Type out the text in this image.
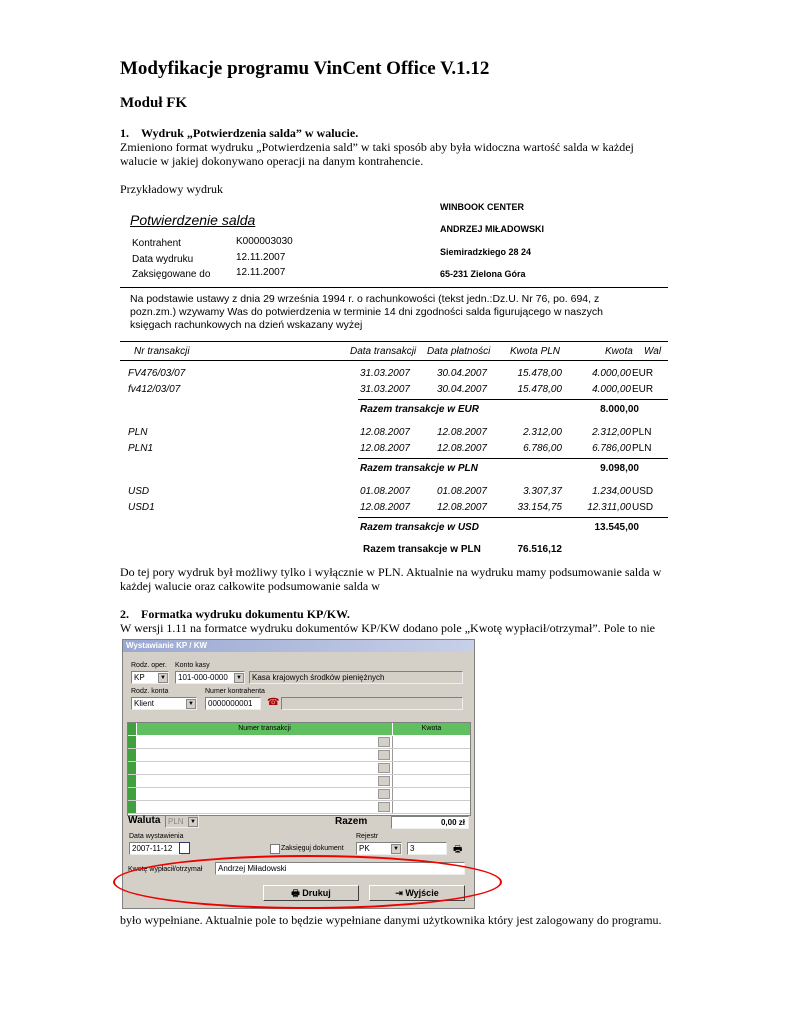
Modyfikacje programu VinCent Office V.1.12
Moduł FK
1.    Wydruk „Potwierdzenia salda” w walucie.
Zmieniono format wydruku „Potwierdzenia sald” w taki sposób aby była widoczna wartość salda w każdej
walucie w jakiej dokonywano operacji na danym kontrahencie.
Przykładowy wydruk
Potwierdzenie salda
WINBOOK CENTER
ANDRZEJ MIŁADOWSKI
Siemiradzkiego 28 24
65-231 Zielona Góra
Kontrahent	K000003030
Data wydruku	12.11.2007
Zaksięgowane do	12.11.2007
Na podstawie ustawy z dnia 29 września 1994 r. o rachunkowości (tekst jedn.:Dz.U. Nr 76, po. 694, z
pozn.zm.) wzywamy Was do potwierdzenia w terminie 14 dni zgodności salda figurującego w naszych
księgach rachunkowych na dzień wskazany wyżej
Nr transakcji	Data transakcji Data płatności Kwota PLN	Kwota Wal
FV476/03/07	31.03.2007	30.04.2007	15.478,00	4.000,00 EUR
fv412/03/07	31.03.2007	30.04.2007	15.478,00	4.000,00 EUR
Razem transakcje w EUR	8.000,00
PLN	12.08.2007	12.08.2007	2.312,00	2.312,00 PLN
PLN1	12.08.2007	12.08.2007	6.786,00	6.786,00 PLN
Razem transakcje w PLN	9.098,00
USD	01.08.2007	01.08.2007	3.307,37	1.234,00 USD
USD1	12.08.2007	12.08.2007	33.154,75	12.311,00 USD
Razem transakcje w USD	13.545,00
Razem transakcje w PLN	76.516,12
Do tej pory wydruk był możliwy tylko i wyłącznie w PLN. Aktualnie na wydruku mamy podsumowanie salda w
każdej walucie oraz całkowite podsumowanie salda w
2.    Formatka wydruku dokumentu KP/KW.
W wersji 1.11 na formatce wydruku dokumentów KP/KW dodano pole „Kwotę wypłacił/otrzymał”. Pole to nie
Wystawianie KP / KW
Rodz. oper.
KP	▼
Konto kasy
101-000-0000	▼	Kasa krajowych środków pieniężnych
Rodz. konta
Klient	▼
Numer kontrahenta
0000000001	☎
Numer transakcji	Kwota
Razem	0,00 zł
Waluta PLN	▼
Data wystawienia
2007-11-12	Zaksięguj dokument
Rejestr
PK	▼	3	🖶
Kwotę wypłacił/otrzymał	Andrzej Miładowski
🖶 Drukuj	⇥ Wyjście
było wypełniane. Aktualnie pole to będzie wypełniane danymi użytkownika który jest zalogowany do programu.
